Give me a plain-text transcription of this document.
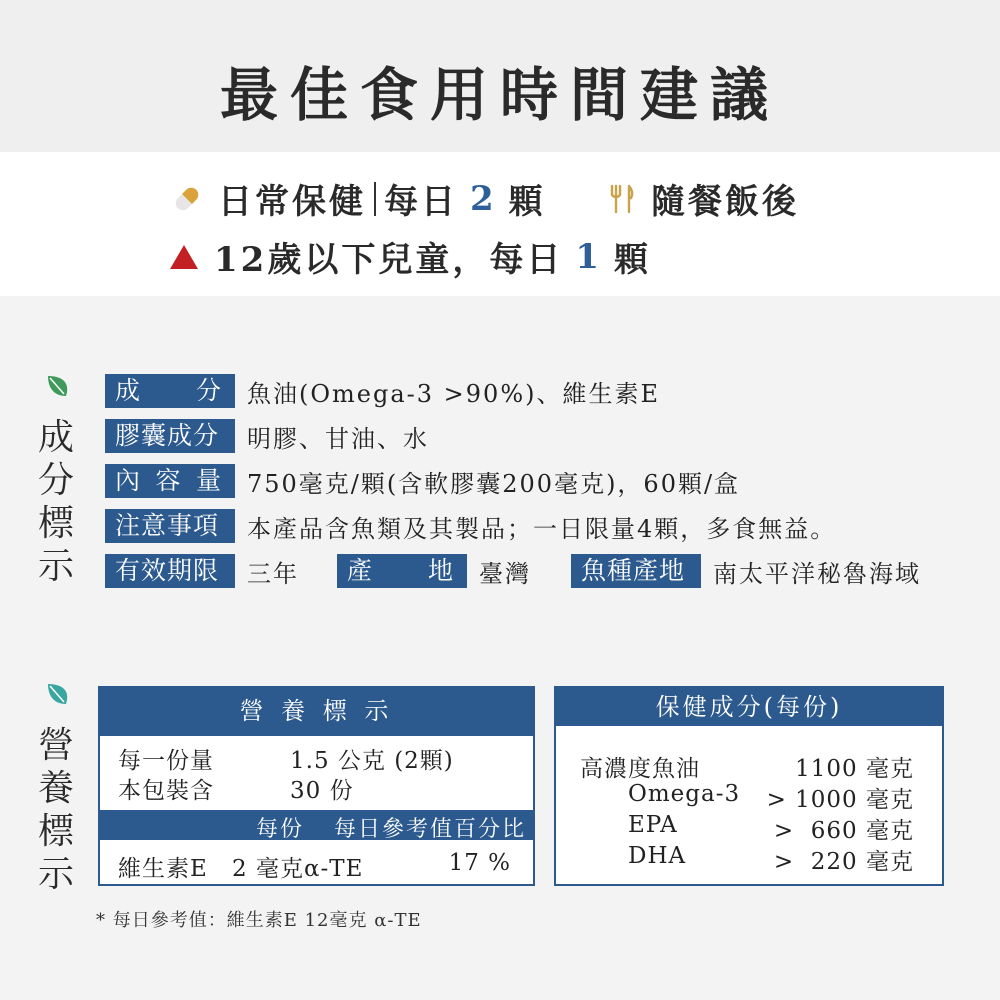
最佳食用時間建議
日常保健 每日 2 顆	隨餐飯後
12歲以下兒童，每日 1 顆
成
分
標
示
成 分 魚油(Omega-3 >90%)、維生素E
膠囊成分	明膠、甘油、水
內 容 量 750毫克/顆(含軟膠囊200毫克)，60顆/盒
注意事項	本產品含魚類及其製品；一日限量4顆，多食無益。
有效期限	三年	產 地 臺灣	魚種產地	南太平洋秘魯海域
營
養
標
示
營 養 標 示
每一份量	1.5 公克 (2顆)
本包裝含	30 份
每份 每日參考值百分比
維生素E 2 毫克α-TE	17 %
保健成分(每份)
高濃度魚油	1100 毫克
Omega-3 > 1000 毫克
EPA	>  660 毫克
DHA	>  220 毫克
* 每日參考值：維生素E 12毫克 α-TE
